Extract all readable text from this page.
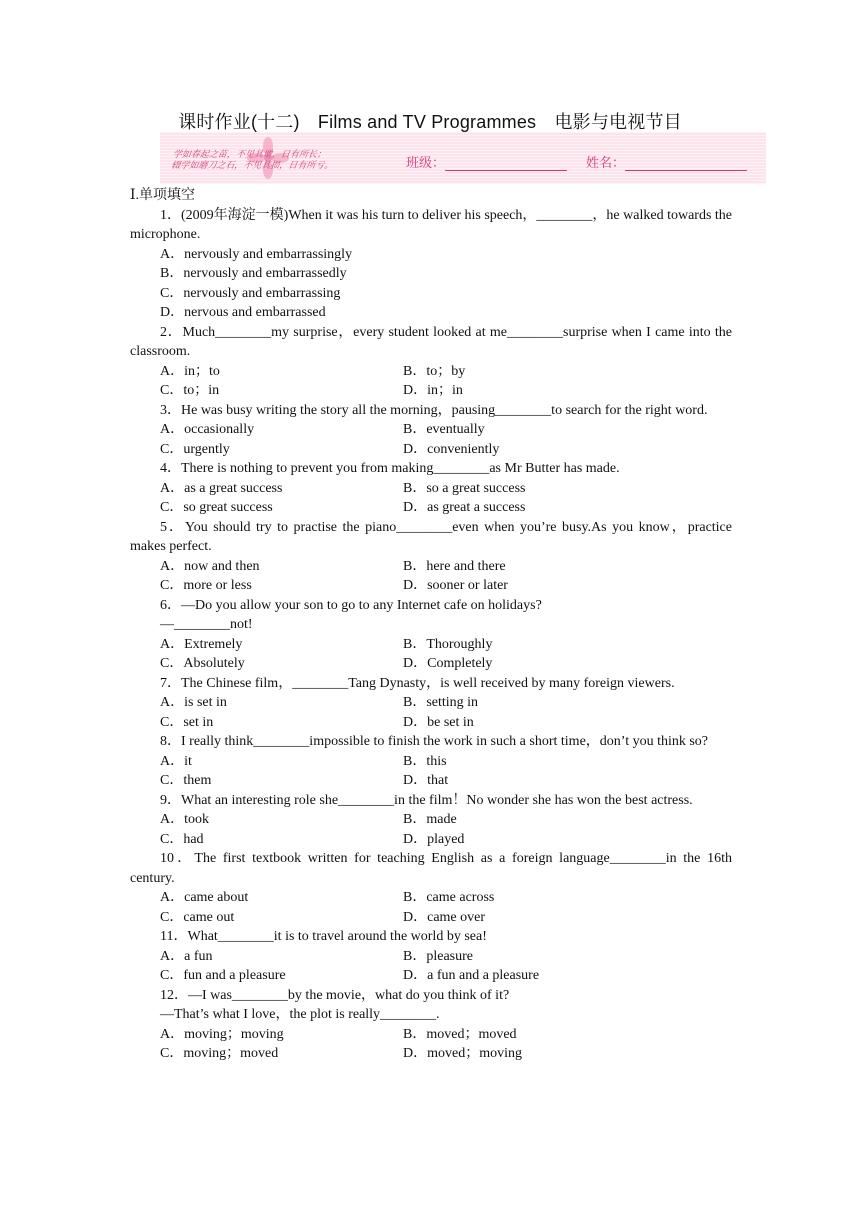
课时作业(十二)　Films and TV Programmes　电影与电视节目
学如春起之苗，不见其增，日有所长；
辍学如磨刀之石，不见其损，日有所亏。	班级：	姓名：
Ⅰ.单项填空
1．(2009年海淀一模)When it was his turn to deliver his speech，________，he walked towards the microphone.
A．nervously and embarrassingly
B．nervously and embarrassedly
C．nervously and embarrassing
D．nervous and embarrassed
2．Much________my surprise，every student looked at me________surprise when I came into the classroom.
A．in；to	B．to；by
C．to；in	D．in；in
3．He was busy writing the story all the morning，pausing________to search for the right word.
A．occasionally	B．eventually
C．urgently	D．conveniently
4．There is nothing to prevent you from making________as Mr Butter has made.
A．as a great success	B．so a great success
C．so great success	D．as great a success
5．You should try to practise the piano________even when you’re busy.As you know，practice makes perfect.
A．now and then	B．here and there
C．more or less	D．sooner or later
6．—Do you allow your son to go to any Internet cafe on holidays?
—________not!
A．Extremely	B．Thoroughly
C．Absolutely	D．Completely
7．The Chinese film，________Tang Dynasty，is well received by many foreign viewers.
A．is set in	B．setting in
C．set in	D．be set in
8．I really think________impossible to finish the work in such a short time，don’t you think so?
A．it	B．this
C．them	D．that
9．What an interesting role she________in the film！No wonder she has won the best actress.
A．took	B．made
C．had	D．played
10．The first textbook written for teaching English as a foreign language________in the 16th century.
A．came about	B．came across
C．came out	D．came over
11．What________it is to travel around the world by sea!
A．a fun	B．pleasure
C．fun and a pleasure	D．a fun and a pleasure
12．—I was________by the movie，what do you think of it?
—That’s what I love，the plot is really________.
A．moving；moving	B．moved；moved
C．moving；moved	D．moved；moving
